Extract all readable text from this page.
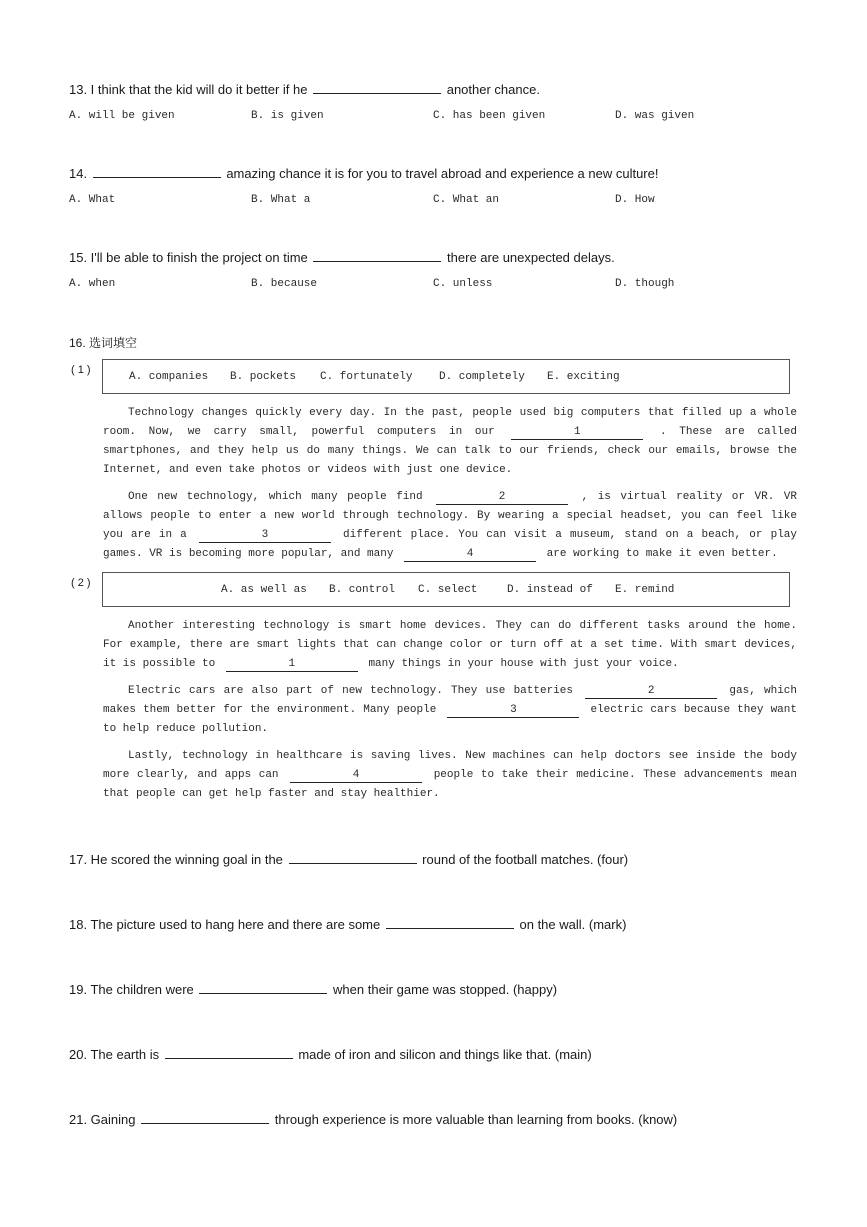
13. I think that the kid will do it better if he	another chance.
A. will be given	B. is given	C. has been given	D. was given
14.	amazing chance it is for you to travel abroad and experience a new culture!
A. What	B. What a	C. What an	D. How
15. I'll be able to finish the project on time	there are unexpected delays.
A. when	B. because	C. unless	D. though
16. 选词填空
( 1 )
A. companies B. pockets C. fortunately D. completely E. exciting
Technology changes quickly every day. In the past, people used big computers that filled up a whole room. Now, we carry small, powerful computers in our	1	. These are called smartphones, and they help us do many things. We can talk to our friends, check our emails, browse the Internet, and even take photos or videos with just one device.
One new technology, which many people find	2	, is virtual reality or VR. VR allows people to enter a new world through technology. By wearing a special headset, you can feel like you are in a	3	different place. You can visit a museum, stand on a beach, or play games. VR is becoming more popular, and many	4	are working to make it even better.
( 2 )
A. as well as B. control C. select	D. instead of E. remind
Another interesting technology is smart home devices. They can do different tasks around the home. For example, there are smart lights that can change color or turn off at a set time. With smart devices, it is possible to	1	many things in your house with just your voice.
Electric cars are also part of new technology. They use batteries	2	gas, which makes them better for the environment. Many people	3	electric cars because they want to help reduce pollution.
Lastly, technology in healthcare is saving lives. New machines can help doctors see inside the body more clearly, and apps can	4	people to take their medicine. These advancements mean that people can get help faster and stay healthier.
17. He scored the winning goal in the	round of the football matches. (four)
18. The picture used to hang here and there are some	on the wall. (mark)
19. The children were	when their game was stopped. (happy)
20. The earth is	made of iron and silicon and things like that. (main)
21. Gaining	through experience is more valuable than learning from books. (know)
